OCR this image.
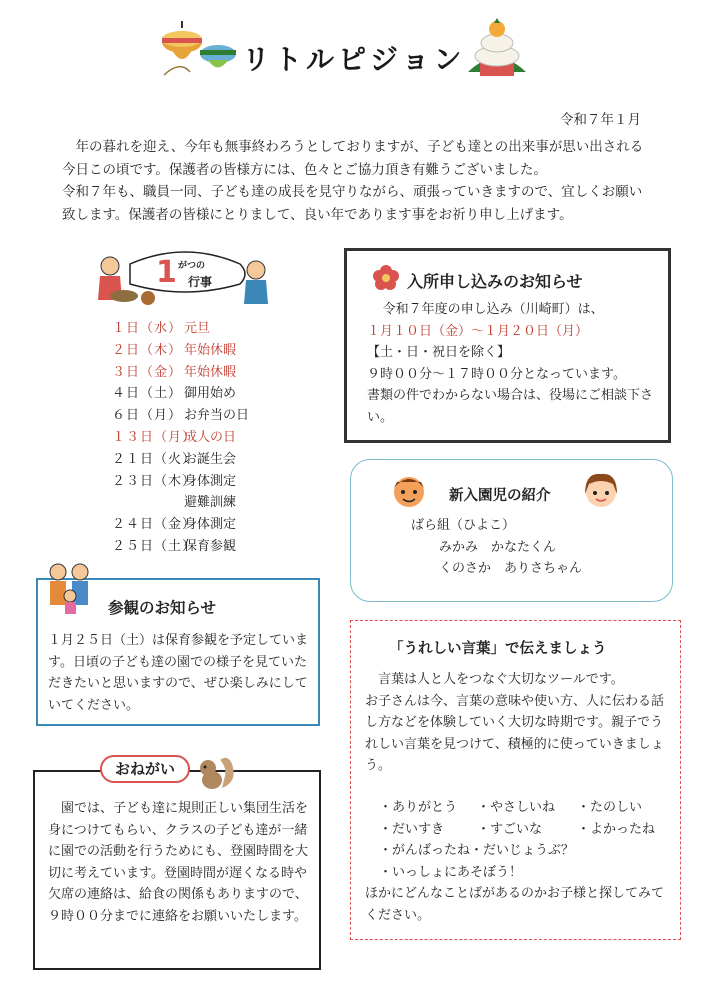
リトルピジョン
令和７年１月

年の暮れを迎え、今年も無事終わろうとしておりますが、子ども達との出来事が思い出される今日この頃です。保護者の皆様方には、色々とご協力頂き有難うございました。

令和７年も、職員一同、子ども達の成長を見守りながら、頑張っていきますので、宜しくお願い致します。保護者の皆様にとりまして、良い年であります事をお祈り申し上げます。

1 がつの
行事
１日（水） 元旦
２日（木） 年始休暇
３日（金） 年始休暇
４日（土） 御用始め
６日（月） お弁当の日
１３日（月）成人の日
２１日（火）お誕生会
２３日（木）身体測定
避難訓練
２４日（金）身体測定
２５日（土）保育参観
入所申し込みのお知らせ
令和７年度の申し込み（川崎町）は、
１月１０日（金）～１月２０日（月）
【土・日・祝日を除く】
９時００分～１７時００分となっています。
書類の件でわからない場合は、役場にご相談下さい。
新入園児の紹介
ばら組（ひよこ）
みかみ　かなたくん
くのさか　ありさちゃん
参観のお知らせ
１月２５日（土）は保育参観を予定しています。日頃の子ども達の園での様子を見ていただきたいと思いますので、ぜひ楽しみにしていてください。
園では、子ども達に規則正しい集団生活を身につけてもらい、クラスの子ども達が一緒に園での活動を行うためにも、登園時間を大切に考えています。登園時間が遅くなる時や欠席の連絡は、給食の関係もありますので、９時００分までに連絡をお願いいたします。
おねがい
「うれしい言葉」で伝えましょう
言葉は人と人をつなぐ大切なツールです。
お子さんは今、言葉の意味や使い方、人に伝わる話し方などを体験していく大切な時期です。親子でうれしい言葉を見つけて、積極的に使っていきましょう。
・ありがとう ・やさしいね ・たのしい
・だいすき	・すごいな	・よかったね
・がんばったね・だいじょうぶ？
・いっしょにあそぼう！
ほかにどんなことばがあるのかお子様と探してみてください。
